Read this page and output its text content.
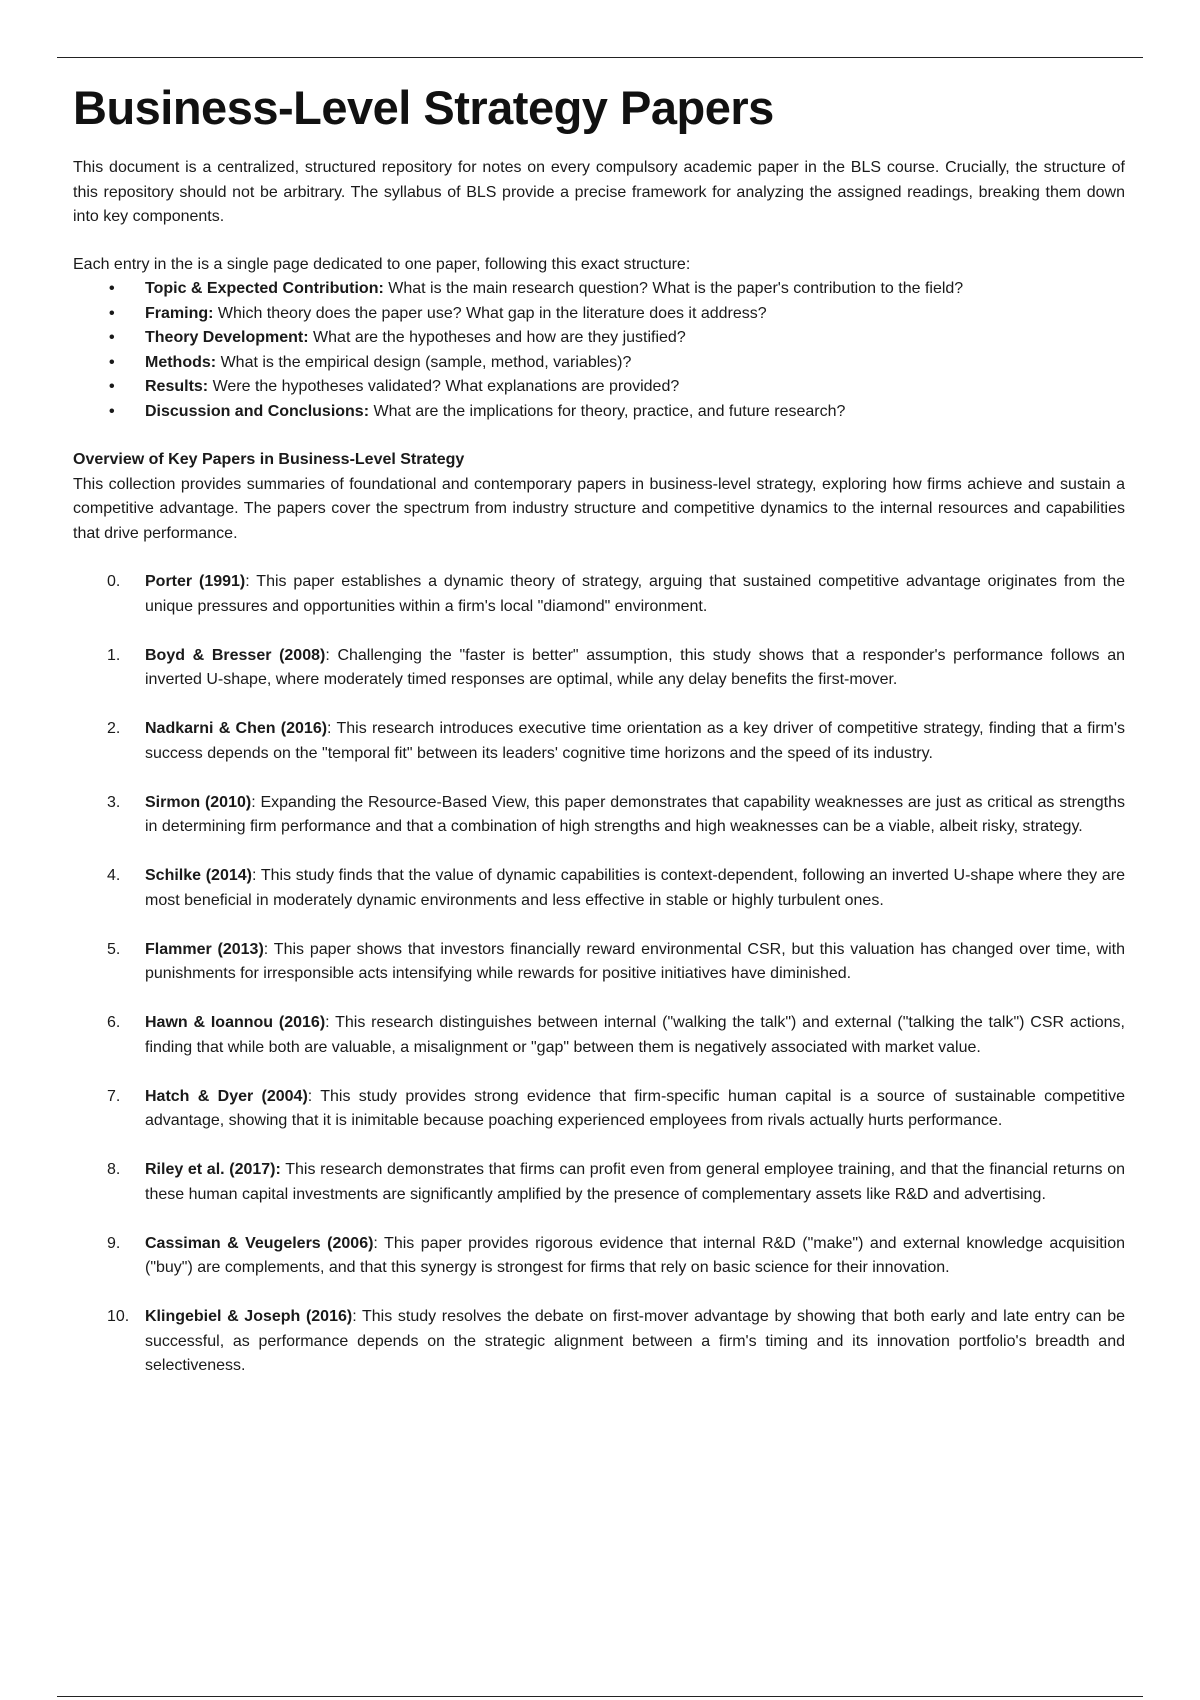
Business-Level Strategy Papers

This document is a centralized, structured repository for notes on every compulsory academic paper in the BLS course. Crucially, the structure of this repository should not be arbitrary. The syllabus of BLS provide a precise framework for analyzing the assigned readings, breaking them down into key components.

Each entry in the is a single page dedicated to one paper, following this exact structure:

• Topic & Expected Contribution: What is the main research question? What is the paper's contribution to the field?
• Framing: Which theory does the paper use? What gap in the literature does it address?
• Theory Development: What are the hypotheses and how are they justified?
• Methods: What is the empirical design (sample, method, variables)?
• Results: Were the hypotheses validated? What explanations are provided?
• Discussion and Conclusions: What are the implications for theory, practice, and future research?
Overview of Key Papers in Business-Level Strategy

This collection provides summaries of foundational and contemporary papers in business-level strategy, exploring how firms achieve and sustain a competitive advantage. The papers cover the spectrum from industry structure and competitive dynamics to the internal resources and capabilities that drive performance.

0.	Porter (1991): This paper establishes a dynamic theory of strategy, arguing that sustained competitive advantage originates from the unique pressures and opportunities within a firm's local "diamond" environment.
1.	Boyd & Bresser (2008): Challenging the "faster is better" assumption, this study shows that a responder's performance follows an inverted U-shape, where moderately timed responses are optimal, while any delay benefits the first-mover.
2.	Nadkarni & Chen (2016): This research introduces executive time orientation as a key driver of competitive strategy, finding that a firm's success depends on the "temporal fit" between its leaders' cognitive time horizons and the speed of its industry.
3.	Sirmon (2010): Expanding the Resource-Based View, this paper demonstrates that capability weaknesses are just as critical as strengths in determining firm performance and that a combination of high strengths and high weaknesses can be a viable, albeit risky, strategy.
4.	Schilke (2014): This study finds that the value of dynamic capabilities is context-dependent, following an inverted U-shape where they are most beneficial in moderately dynamic environments and less effective in stable or highly turbulent ones.
5.	Flammer (2013): This paper shows that investors financially reward environmental CSR, but this valuation has changed over time, with punishments for irresponsible acts intensifying while rewards for positive initiatives have diminished.
6.	Hawn & Ioannou (2016): This research distinguishes between internal ("walking the talk") and external ("talking the talk") CSR actions, finding that while both are valuable, a misalignment or "gap" between them is negatively associated with market value.
7.	Hatch & Dyer (2004): This study provides strong evidence that firm-specific human capital is a source of sustainable competitive advantage, showing that it is inimitable because poaching experienced employees from rivals actually hurts performance.
8.	Riley et al. (2017): This research demonstrates that firms can profit even from general employee training, and that the financial returns on these human capital investments are significantly amplified by the presence of complementary assets like R&D and advertising.
9.	Cassiman & Veugelers (2006): This paper provides rigorous evidence that internal R&D ("make") and external knowledge acquisition ("buy") are complements, and that this synergy is strongest for firms that rely on basic science for their innovation.
10. Klingebiel & Joseph (2016): This study resolves the debate on first-mover advantage by showing that both early and late entry can be successful, as performance depends on the strategic alignment between a firm's timing and its innovation portfolio's breadth and selectiveness.
